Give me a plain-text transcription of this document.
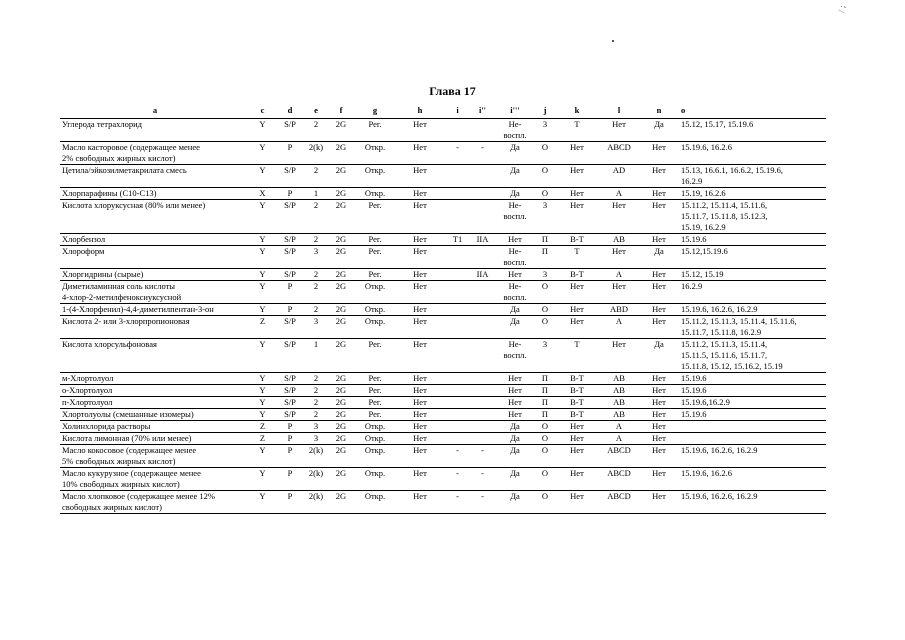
/ ;
Глава 17
a	c	d	e	f	g	h	i	i''	i'''	j	k	l	n	o
Углерода тетрахлорид	Y	S/P	2	2G	Рег.	Нет			Не-
воспл.	3	T	Нет	Да	15.12, 15.17, 15.19.6
Масло касторовое (содержащее менее
2% свободных жирных кислот)	Y	P	2(k)	2G	Откр.	Нет	-	-	Да	O	Нет	ABCD	Нет	15.19.6, 16.2.6
Цетила/эйкозилметакрилата смесь	Y	S/P	2	2G	Откр.	Нет			Да	O	Нет	AD	Нет	15.13, 16.6.1, 16.6.2, 15.19.6,
16.2.9
Хлорпарафины (C10-C13)	X	P	1	2G	Откр.	Нет			Да	O	Нет	A	Нет	15.19, 16.2.6
Кислота хлоруксусная (80% или менее)	Y	S/P	2	2G	Рег.	Нет			Не-
воспл.	3	Нет	Нет	Нет	15.11.2, 15.11.4, 15.11.6,
15.11.7, 15.11.8, 15.12.3,
15.19, 16.2.9
Хлорбензол	Y	S/P	2	2G	Рег.	Нет	T1	IIA	Нет	П	B-T	AB	Нет	15.19.6
Хлороформ	Y	S/P	3	2G	Рег.	Нет			Не-
воспл.	П	T	Нет	Да	15.12,15.19.6
Хлоргидрины (сырые)	Y	S/P	2	2G	Рег.	Нет		IIA	Нет	3	B-T	A	Нет	15.12, 15.19
Диметиламинная соль кислоты
4-хлор-2-метилфеноксиуксусной	Y	P	2	2G	Откр.	Нет			Не-
воспл.	O	Нет	Нет	Нет	16.2.9
1-(4-Хлорфенил)-4,4-диметилпентан-3-он	Y	P	2	2G	Откр.	Нет			Да	O	Нет	ABD	Нет	15.19.6, 16.2.6, 16.2.9
Кислота 2- или 3-хлорпропионовая	Z	S/P	3	2G	Откр.	Нет			Да	O	Нет	A	Нет	15.11.2, 15.11.3, 15.11.4, 15.11.6,
15.11.7, 15.11.8, 16.2.9
Кислота хлорсульфоновая	Y	S/P	1	2G	Рег.	Нет			Не-
воспл.	3	T	Нет	Да	15.11.2, 15.11.3, 15.11.4,
15.11.5, 15.11.6, 15.11.7,
15.11.8, 15.12, 15.16.2, 15.19
м-Хлортолуол	Y	S/P	2	2G	Рег.	Нет			Нет	П	B-T	AB	Нет	15.19.6
о-Хлортолуол	Y	S/P	2	2G	Рег.	Нет			Нет	П	B-T	AB	Нет	15.19.6
п-Хлортолуол	Y	S/P	2	2G	Рег.	Нет			Нет	П	B-T	AB	Нет	15.19.6,16.2.9
Хлортолуолы (смешанные изомеры)	Y	S/P	2	2G	Рег.	Нет			Нет	П	B-T	AB	Нет	15.19.6
Холинхлорида растворы	Z	P	3	2G	Откр.	Нет			Да	O	Нет	A	Нет	
Кислота лимонная (70% или менее)	Z	P	3	2G	Откр.	Нет			Да	O	Нет	A	Нет	
Масло кокосовое (содержащее менее
5% свободных жирных кислот)	Y	P	2(k)	2G	Откр.	Нет	-	-	Да	O	Нет	ABCD	Нет	15.19.6, 16.2.6, 16.2.9
Масло кукурузное (содержащее менее
10% свободных жирных кислот)	Y	P	2(k)	2G	Откр.	Нет	-	-	Да	O	Нет	ABCD	Нет	15.19.6, 16.2.6
Масло хлопковое (содержащее менее 12%
свободных жирных кислот)	Y	P	2(k)	2G	Откр.	Нет	-	-	Да	O	Нет	ABCD	Нет	15.19.6, 16.2.6, 16.2.9
